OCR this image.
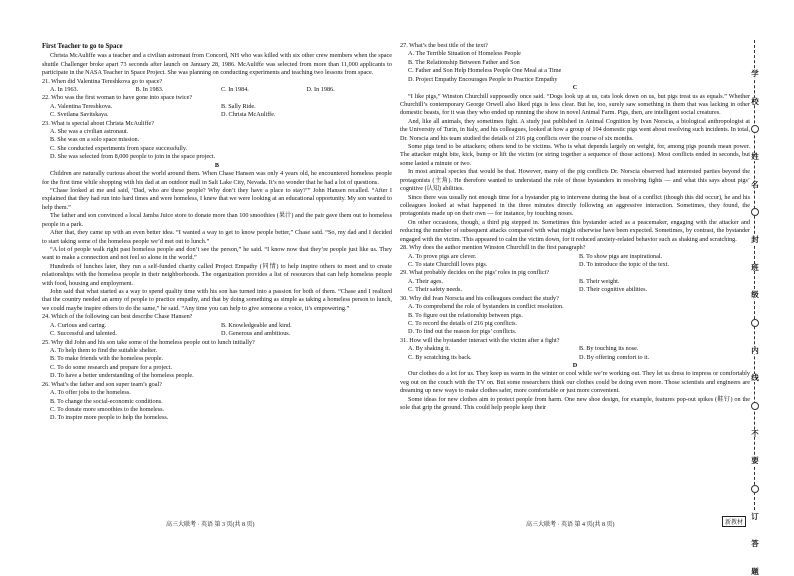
First Teacher to go to Space

Christa McAuliffe was a teacher and a civilian astronaut from Concord, NH who was killed with six other crew members when the space shuttle Challenger broke apart 73 seconds after launch on January 28, 1986. McAuliffe was selected from more than 11,000 applicants to participate in the NASA Teacher in Space Project. She was planning on conducting experiments and teaching two lessons from space.

21. When did Valentina Tereshkova go to space?
A. In 1963.	B. In 1983.	C. In 1984.	D. In 1986.
22. Who was the first woman to have gone into space twice?
A. Valentina Tereshkova.	B. Sally Ride.
C. Svetlana Savitskaya.	D. Christa McAuliffe.
23. What is special about Christa McAuliffe?
A. She was a civilian astronaut.
B. She was on a solo space mission.
C. She conducted experiments from space successfully.
D. She was selected from 8,000 people to join in the space project.
B

Children are naturally curious about the world around them. When Chase Hansen was only 4 years old, he encountered homeless people for the first time while shopping with his dad at an outdoor mall in Salt Lake City, Nevada. It’s no wonder that he had a lot of questions.

“Chase looked at me and said, ‘Dad, who are these people? Why don’t they have a place to stay?’” John Hansen recalled. “After I explained that they had run into hard times and were homeless, I knew that we were looking at an educational opportunity. My son wanted to help them.”

The father and son convinced a local Jamba Juice store to donate more than 100 smoothies (果汁) and the pair gave them out to homeless people in a park.

After that, they came up with an even better idea. “I wanted a way to get to know people better,” Chase said. “So, my dad and I decided to start taking some of the homeless people we’d met out to lunch.”

“A lot of people walk right past homeless people and don’t see the person,” he said. “I know now that they’re people just like us. They want to make a connection and not feel so alone in the world.”

Hundreds of lunches later, they run a self-funded charity called Project Empathy (同情) to help inspire others to meet and to create relationships with the homeless people in their neighborhoods. The organization provides a list of resources that can help homeless people with food, housing and employment.

John said that what started as a way to spend quality time with his son has turned into a passion for both of them. “Chase and I realized that the country needed an army of people to practice empathy, and that by doing something as simple as taking a homeless person to lunch, we could maybe inspire others to do the same,” he said. “Any time you can help to give someone a voice, it’s empowering.”

24. Which of the following can best describe Chase Hansen?
A. Curious and caring.	B. Knowledgeable and kind.
C. Successful and talented.	D. Generous and ambitious.
25. Why did John and his son take some of the homeless people out to lunch initially?
A. To help them to find the suitable shelter.
B. To make friends with the homeless people.
C. To do some research and prepare for a project.
D. To have a better understanding of the homeless people.
26. What’s the father and son super team’s goal?
A. To offer jobs to the homeless.
B. To change the social-economic conditions.
C. To donate more smoothies to the homeless.
D. To inspire more people to help the homeless.
27. What’s the best title of the text?
A. The Terrible Situation of Homeless People
B. The Relationship Between Father and Son
C. Father and Son Help Homeless People One Meal at a Time
D. Project Empathy Encourages People to Practice Empathy
C

“I like pigs,” Winston Churchill supposedly once said. “Dogs look up at us, cats look down on us, but pigs treat us as equals.” Whether Churchill’s contemporary George Orwell also liked pigs is less clear. But he, too, surely saw something in them that was lacking in other domestic beasts, for it was they who ended up running the show in novel Animal Farm. Pigs, then, are intelligent social creatures.

And, like all animals, they sometimes fight. A study just published in Animal Cognition by Ivan Norscia, a biological anthropologist at the University of Turin, in Italy, and his colleagues, looked at how a group of 104 domestic pigs went about resolving such incidents. In total, Dr. Norscia and his team studied the details of 216 pig conflicts over the course of six months.

Some pigs tend to be attackers; others tend to be victims. Who is what depends largely on weight, for, among pigs pounds mean power. The attacker might bite, kick, bump or lift the victim (or string together a sequence of those actions). Most conflicts ended in seconds, but some lasted a minute or two.

In most animal species that would be that. However, many of the pig conflicts Dr. Norscia observed had interested parties beyond the protagonists (主角). He therefore wanted to understand the role of those bystanders in resolving fights — and what this says about pigs’ cognitive (认知) abilities.

Since there was usually not enough time for a bystander pig to intervene during the heat of a conflict (though this did occur), he and his colleagues looked at what happened in the three minutes directly following an aggressive interaction. Sometimes, they found, the protagonists made up on their own — for instance, by touching noses.

On other occasions, though, a third pig stepped in. Sometimes this bystander acted as a peacemaker, engaging with the attacker and reducing the number of subsequent attacks compared with what might otherwise have been expected. Sometimes, by contrast, the bystander engaged with the victim. This appeared to calm the victim down, for it reduced anxiety-related behavior such as shaking and scratching.

28. Why does the author mention Winston Churchill in the first paragraph?
A. To prove pigs are clever.	B. To show pigs are inspirational.
C. To state Churchill loves pigs.	D. To introduce the topic of the text.
29. What probably decides on the pigs’ roles in pig conflict?
A. Their ages.	B. Their weight.
C. Their safety needs.	D. Their cognitive abilities.
30. Why did Ivan Norscia and his colleagues conduct the study?
A. To comprehend the role of bystanders in conflict resolution.
B. To figure out the relationship between pigs.
C. To record the details of 216 pig conflicts.
D. To find out the reason for pigs’ conflicts.
31. How will the bystander interact with the victim after a fight?
A. By shaking it.	B. By touching its nose.
C. By scratching its back.	D. By offering comfort to it.
D

Our clothes do a lot for us. They keep us warm in the winter or cool while we’re working out. They let us dress to impress or comfortably veg out on the couch with the TV on. But some researchers think our clothes could be doing even more. Those scientists and engineers are dreaming up new ways to make clothes safer, more comfortable or just more convenient.

Some ideas for new clothes aim to protect people from harm. One new shoe design, for example, features pop-out spikes (鞋钉) on the sole that grip the ground. This could help people keep their

高三大联考 · 英语 第 3 页(共 8 页)	高三大联考 · 英语 第 4 页(共 8 页)	新教材
学
校
姓
名
封
班
级
内
线
不
要
订
答
题
